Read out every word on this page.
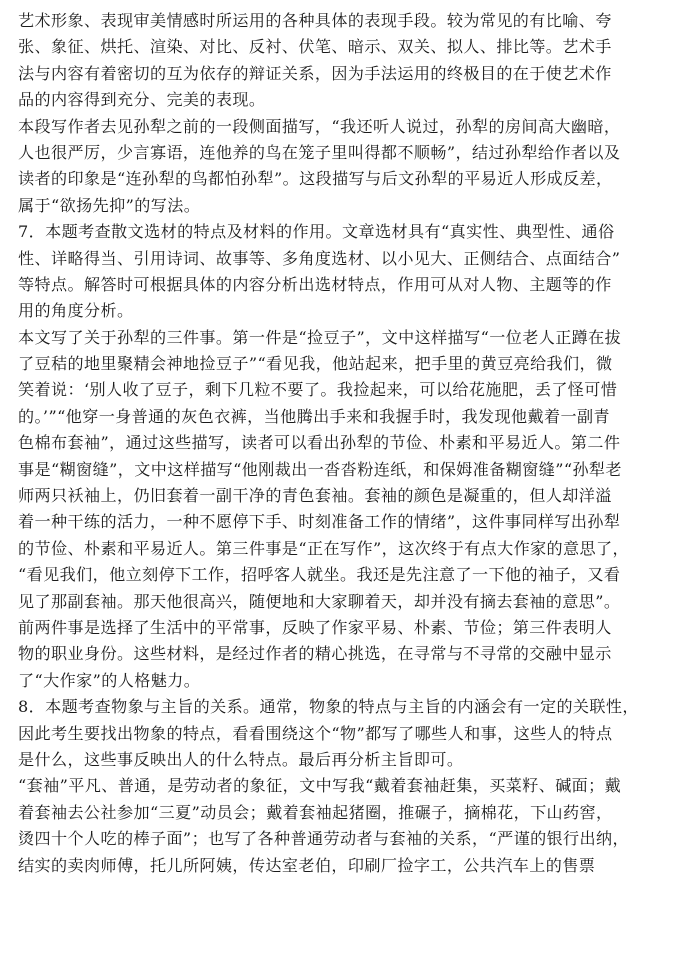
艺术形象、表现审美情感时所运用的各种具体的表现手段。较为常见的有比喻、夸
张、象征、烘托、渲染、对比、反衬、伏笔、暗示、双关、拟人、排比等。艺术手
法与内容有着密切的互为依存的辩证关系，因为手法运用的终极目的在于使艺术作
品的内容得到充分、完美的表现。
本段写作者去见孙犁之前的一段侧面描写，“我还听人说过，孙犁的房间高大幽暗，
人也很严厉，少言寡语，连他养的鸟在笼子里叫得都不顺畅”，结过孙犁给作者以及
读者的印象是“连孙犁的鸟都怕孙犁”。这段描写与后文孙犁的平易近人形成反差，
属于“欲扬先抑”的写法。
7．本题考查散文选材的特点及材料的作用。文章选材具有“真实性、典型性、通俗
性、详略得当、引用诗词、故事等、多角度选材、以小见大、正侧结合、点面结合”
等特点。解答时可根据具体的内容分析出选材特点，作用可从对人物、主题等的作
用的角度分析。
本文写了关于孙犁的三件事。第一件是“捡豆子”，文中这样描写“一位老人正蹲在拔
了豆秸的地里聚精会神地捡豆子”“看见我，他站起来，把手里的黄豆亮给我们，微
笑着说：‘别人收了豆子，剩下几粒不要了。我捡起来，可以给花施肥，丢了怪可惜
的。’”“他穿一身普通的灰色衣裤，当他腾出手来和我握手时，我发现他戴着一副青
色棉布套袖”，通过这些描写，读者可以看出孙犁的节俭、朴素和平易近人。第二件
事是“糊窗缝”，文中这样描写“他刚裁出一沓沓粉连纸，和保姆准备糊窗缝”“孙犁老
师两只袄袖上，仍旧套着一副干净的青色套袖。套袖的颜色是凝重的，但人却洋溢
着一种干练的活力，一种不愿停下手、时刻准备工作的情绪”，这件事同样写出孙犁
的节俭、朴素和平易近人。第三件事是“正在写作”，这次终于有点大作家的意思了，
“看见我们，他立刻停下工作，招呼客人就坐。我还是先注意了一下他的袖子，又看
见了那副套袖。那天他很高兴，随便地和大家聊着天，却并没有摘去套袖的意思”。
前两件事是选择了生活中的平常事，反映了作家平易、朴素、节俭；第三件表明人
物的职业身份。这些材料，是经过作者的精心挑选，在寻常与不寻常的交融中显示
了“大作家”的人格魅力。
8．本题考查物象与主旨的关系。通常，物象的特点与主旨的内涵会有一定的关联性，
因此考生要找出物象的特点，看看围绕这个“物”都写了哪些人和事，这些人的特点
是什么，这些事反映出人的什么特点。最后再分析主旨即可。
“套袖”平凡、普通，是劳动者的象征，文中写我“戴着套袖赶集，买菜籽、碱面；戴
着套袖去公社参加“三夏”动员会；戴着套袖起猪圈，推碾子，摘棉花，下山药窖，
烫四十个人吃的棒子面”；也写了各种普通劳动者与套袖的关系，“严谨的银行出纳，
结实的卖肉师傅，托儿所阿姨，传达室老伯，印刷厂捡字工，公共汽车上的售票
